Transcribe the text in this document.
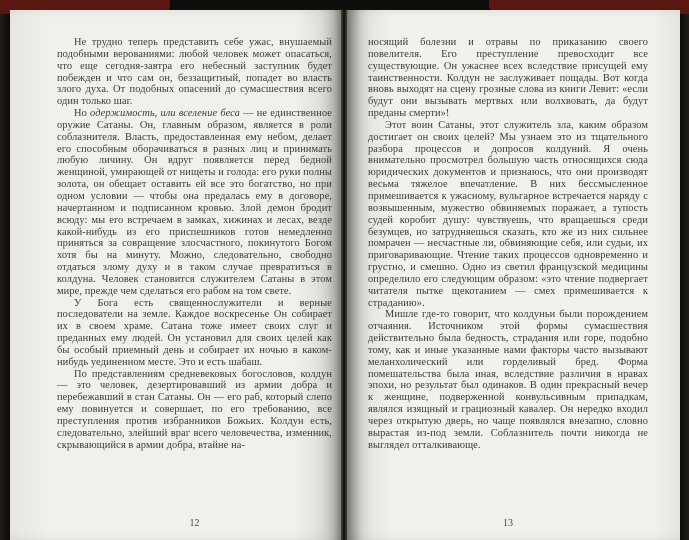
Не трудно теперь представить себе ужас, внушаемый подобными верованиями: любой человек может опасаться, что еще сегодня-завтра его небесный заступник будет побежден и что сам он, беззащитный, попадет во власть злого духа. От подобных опасений до сумасшествия всего один только шаг.

Но одержимость, или вселение беса — не единственное оружие Сатаны. Он, главным образом, является в роли соблазнителя. Власть, предоставленная ему небом, делает его способным оборачиваться в разных лиц и принимать любую личину. Он вдруг появляется перед бедной женщиной, умирающей от нищеты и голода: его руки полны золота, он обещает оставить ей все это богатство, но при одном условии — чтобы она предалась ему в договоре, начертанном и подписанном кровью. Злой демон бродит всюду: мы его встречаем в замках, хижинах и лесах, везде какой-нибудь из его приспешников готов немедленно приняться за совращение злосчастного, покинутого Богом хотя бы на минуту. Можно, следовательно, свободно отдаться злому духу и в таком случае превратиться в колдуна. Человек становится служителем Сатаны в этом мире, прежде чем сделаться его рабом на том свете.

У Бога есть священнослужители и верные последователи на земле. Каждое воскресенье Он собирает их в своем храме. Сатана тоже имеет своих слуг и преданных ему людей. Он установил для своих целей как бы особый приемный день и собирает их ночью в каком-нибудь уединенном месте. Это и есть шабаш.

По представлениям средневековых богословов, колдун — это человек, дезертировавший из армии добра и перебежавший в стан Сатаны. Он — его раб, который слепо ему повинуется и совершает, по его требованию, все преступления против избранников Божьих. Колдун есть, следовательно, злейший враг всего человечества, изменник, скрывающийся в армии добра, втайне на-

12

носящий болезни и отравы по приказанию своего повелителя. Его преступление превосходит все существующие. Он ужаснее всех вследствие присущей ему таинственности. Колдун не заслуживает пощады. Вот когда вновь выходят на сцену грозные слова из книги Левит: «если будут они вызывать мертвых или волхвовать, да будут преданы смерти»!

Этот воин Сатаны, этот служитель зла, каким образом достигает он своих целей? Мы узнаем это из тщательного разбора процессов и допросов колдуний. Я очень внимательно просмотрел большую часть относящихся сюда юридических документов и признаюсь, что они производят весьма тяжелое впечатление. В них бессмысленное примешивается к ужасному, вульгарное встречается наряду с возвышенным, мужество обвиняемых поражает, а тупость судей коробит душу: чувствуешь, что вращаешься среди безумцев, но затрудняешься сказать, кто же из них сильнее помрачен — несчастные ли, обвиняющие себя, или судьи, их приговаривающие. Чтение таких процессов одновременно и грустно, и смешно. Одно из светил французской медицины определило его следующим образом: «это чтение подвергает читателя пытке щекотанием — смех примешивается к страданию».

Мишле где-то говорит, что колдуньи были порождением отчаяния. Источником этой формы сумасшествия действительно была бедность, страдания или горе, подобно тому, как и иные указанные нами факторы часто вызывают меланхолический или горделивый бред. Форма помешательства была иная, вследствие различия в нравах эпохи, но результат был одинаков. В один прекрасный вечер к женщине, подверженной конвульсивным припадкам, являлся изящный и грациозный кавалер. Он нередко входил через открытую дверь, но чаще появлялся внезапно, словно вырастая из-под земли. Соблазнитель почти никогда не выглядел отталкивающе.

13
